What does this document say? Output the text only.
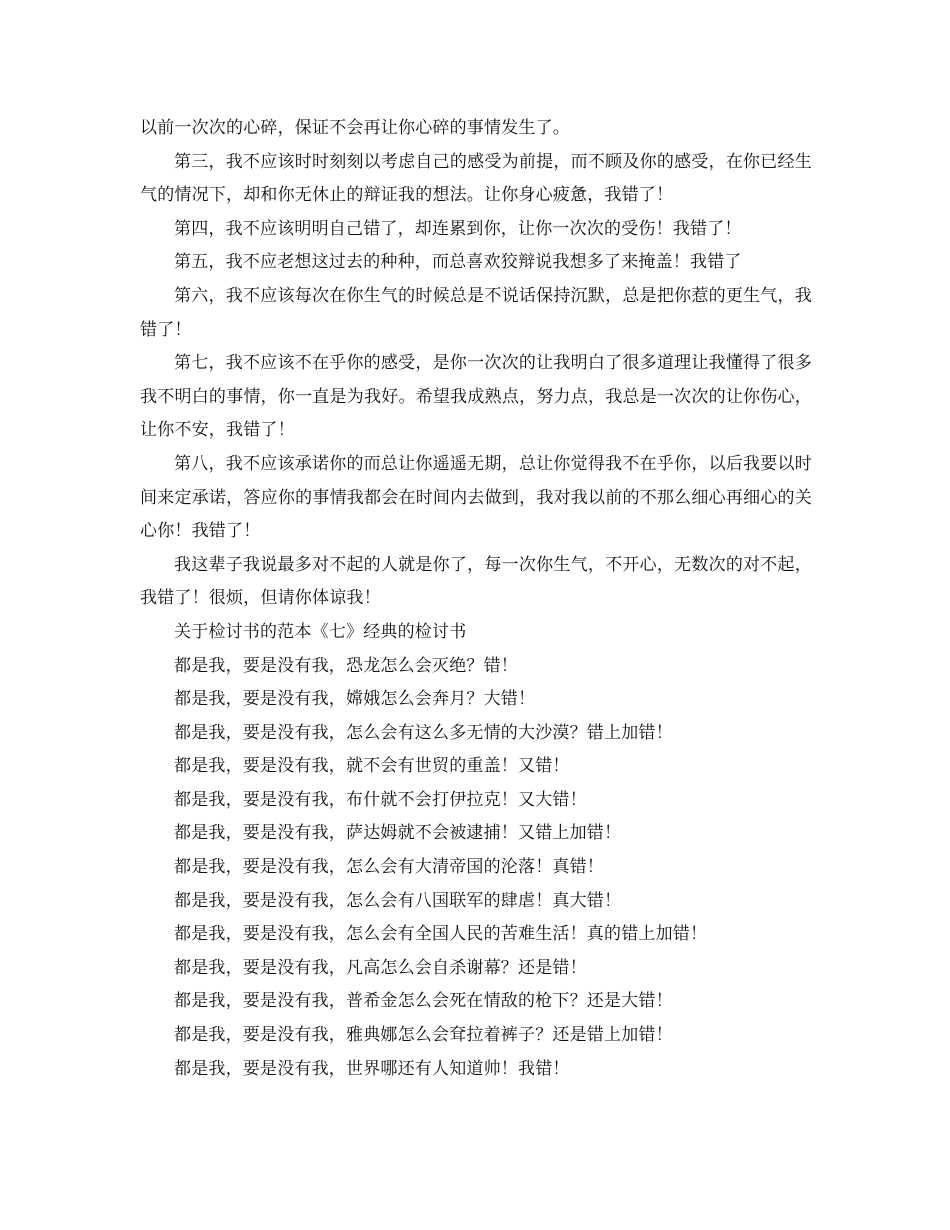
以前一次次的心碎，保证不会再让你心碎的事情发生了。

第三，我不应该时时刻刻以考虑自己的感受为前提，而不顾及你的感受，在你已经生气的情况下，却和你无休止的辩证我的想法。让你身心疲惫，我错了！

第四，我不应该明明自己错了，却连累到你，让你一次次的受伤！我错了！

第五，我不应老想这过去的种种，而总喜欢狡辩说我想多了来掩盖！我错了

第六，我不应该每次在你生气的时候总是不说话保持沉默，总是把你惹的更生气，我错了！

第七，我不应该不在乎你的感受，是你一次次的让我明白了很多道理让我懂得了很多我不明白的事情，你一直是为我好。希望我成熟点，努力点，我总是一次次的让你伤心，让你不安，我错了！

第八，我不应该承诺你的而总让你遥遥无期，总让你觉得我不在乎你，以后我要以时间来定承诺，答应你的事情我都会在时间内去做到，我对我以前的不那么细心再细心的关心你！我错了！

我这辈子我说最多对不起的人就是你了，每一次你生气，不开心，无数次的对不起，我错了！很烦，但请你体谅我！

关于检讨书的范本《七》经典的检讨书

都是我，要是没有我，恐龙怎么会灭绝？错！

都是我，要是没有我，嫦娥怎么会奔月？大错！

都是我，要是没有我，怎么会有这么多无情的大沙漠？错上加错！

都是我，要是没有我，就不会有世贸的重盖！又错！

都是我，要是没有我，布什就不会打伊拉克！又大错！

都是我，要是没有我，萨达姆就不会被逮捕！又错上加错！

都是我，要是没有我，怎么会有大清帝国的沦落！真错！

都是我，要是没有我，怎么会有八国联军的肆虐！真大错！

都是我，要是没有我，怎么会有全国人民的苦难生活！真的错上加错！

都是我，要是没有我，凡高怎么会自杀谢幕？还是错！

都是我，要是没有我，普希金怎么会死在情敌的枪下？还是大错！

都是我，要是没有我，雅典娜怎么会耷拉着裤子？还是错上加错！

都是我，要是没有我，世界哪还有人知道帅！我错！
